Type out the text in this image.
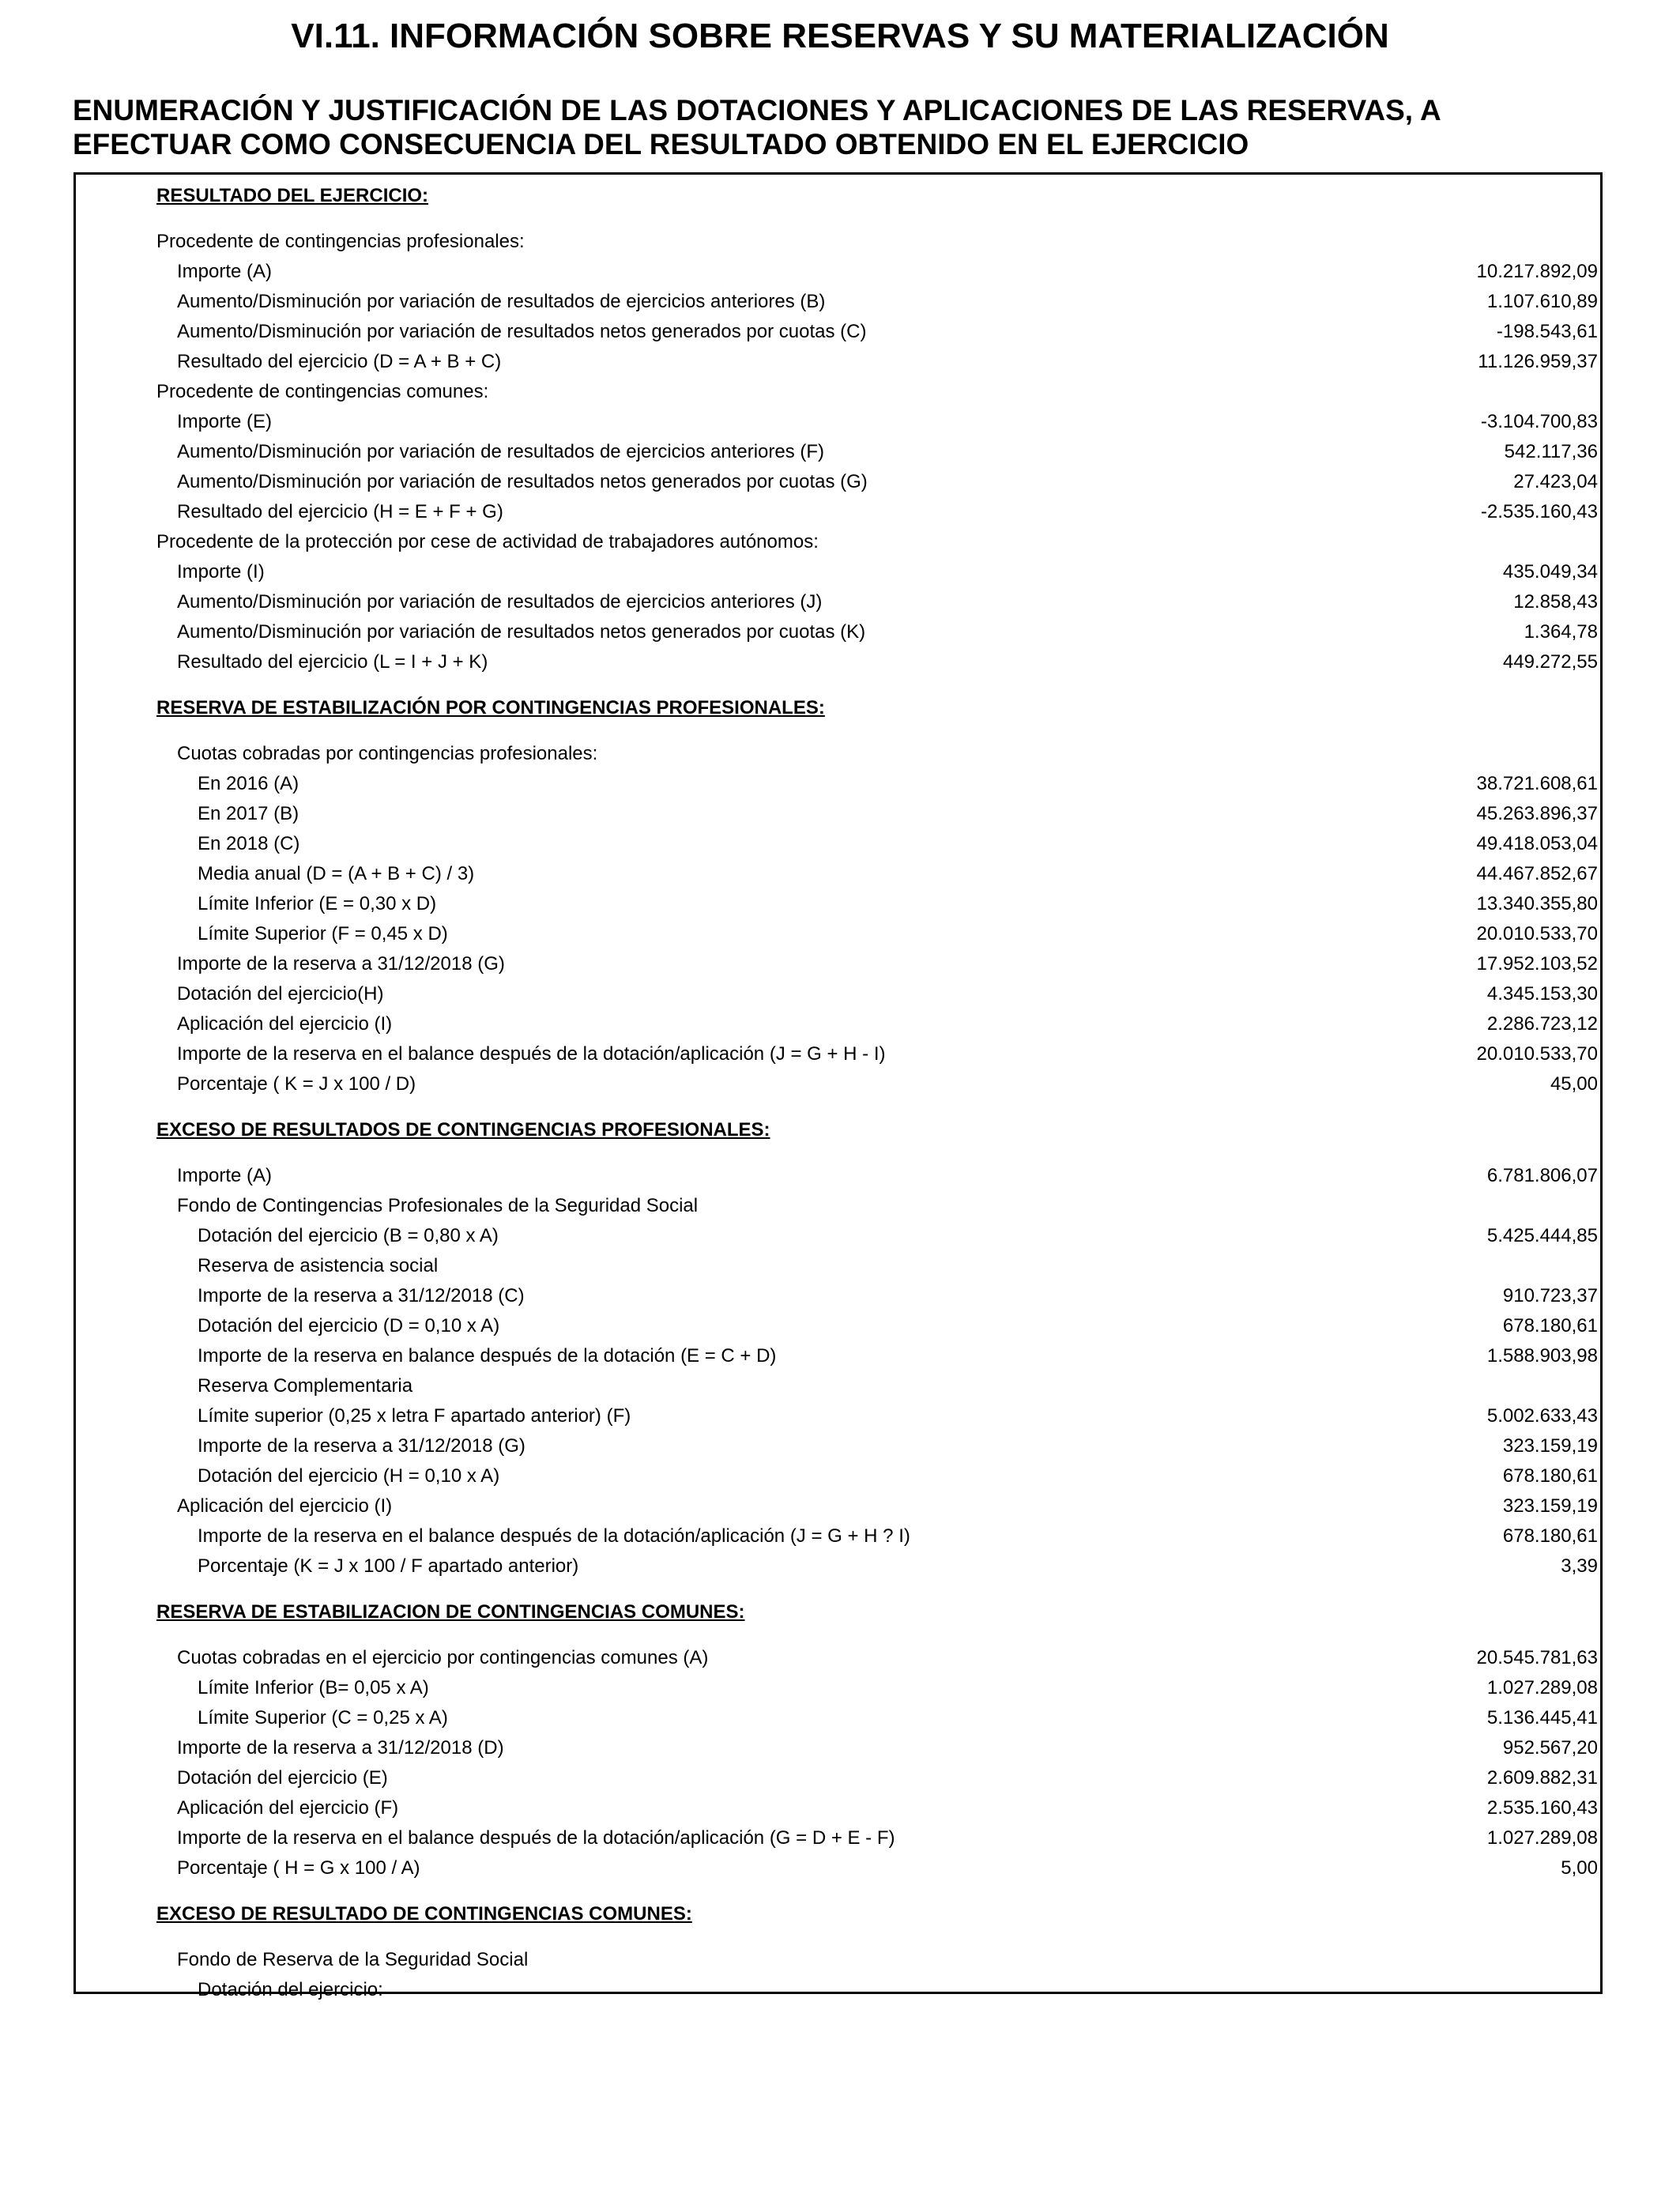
VI.11. INFORMACIÓN SOBRE RESERVAS Y SU MATERIALIZACIÓN
ENUMERACIÓN Y JUSTIFICACIÓN DE LAS DOTACIONES Y APLICACIONES DE LAS RESERVAS, A
EFECTUAR COMO CONSECUENCIA DEL RESULTADO OBTENIDO EN EL EJERCICIO
RESULTADO DEL EJERCICIO:
Procedente de contingencias profesionales:
Importe (A)	10.217.892,09
Aumento/Disminución por variación de resultados de ejercicios anteriores (B)	1.107.610,89
Aumento/Disminución por variación de resultados netos generados por cuotas (C)	-198.543,61
Resultado del ejercicio (D = A + B + C)	11.126.959,37
Procedente de contingencias comunes:
Importe (E)	-3.104.700,83
Aumento/Disminución por variación de resultados de ejercicios anteriores (F)	542.117,36
Aumento/Disminución por variación de resultados netos generados por cuotas (G)	27.423,04
Resultado del ejercicio (H = E + F + G)	-2.535.160,43
Procedente de la protección por cese de actividad de trabajadores autónomos:
Importe (I)	435.049,34
Aumento/Disminución por variación de resultados de ejercicios anteriores (J)	12.858,43
Aumento/Disminución por variación de resultados netos generados por cuotas (K)	1.364,78
Resultado del ejercicio (L = I + J + K)	449.272,55
RESERVA DE ESTABILIZACIÓN POR CONTINGENCIAS PROFESIONALES:
Cuotas cobradas por contingencias profesionales:
En 2016 (A)	38.721.608,61
En 2017 (B)	45.263.896,37
En 2018 (C)	49.418.053,04
Media anual (D = (A + B + C) / 3)	44.467.852,67
Límite Inferior (E = 0,30 x D)	13.340.355,80
Límite Superior (F = 0,45 x D)	20.010.533,70
Importe de la reserva a 31/12/2018 (G)	17.952.103,52
Dotación del ejercicio(H)	4.345.153,30
Aplicación del ejercicio (I)	2.286.723,12
Importe de la reserva en el balance después de la dotación/aplicación (J = G + H - I)	20.010.533,70
Porcentaje ( K = J x 100 / D)	45,00
EXCESO DE RESULTADOS DE CONTINGENCIAS PROFESIONALES:
Importe (A)	6.781.806,07
Fondo de Contingencias Profesionales de la Seguridad Social
Dotación del ejercicio (B = 0,80 x A)	5.425.444,85
Reserva de asistencia social
Importe de la reserva a 31/12/2018 (C)	910.723,37
Dotación del ejercicio (D = 0,10 x A)	678.180,61
Importe de la reserva en balance después de la dotación (E = C + D)	1.588.903,98
Reserva Complementaria
Límite superior (0,25 x letra F apartado anterior) (F)	5.002.633,43
Importe de la reserva a 31/12/2018 (G)	323.159,19
Dotación del ejercicio (H = 0,10 x A)	678.180,61
Aplicación del ejercicio (I)	323.159,19
Importe de la reserva en el balance después de la dotación/aplicación (J = G + H ? I)	678.180,61
Porcentaje (K = J x 100 / F apartado anterior)	3,39
RESERVA DE ESTABILIZACION DE CONTINGENCIAS COMUNES:
Cuotas cobradas en el ejercicio por contingencias comunes (A)	20.545.781,63
Límite Inferior (B= 0,05 x A)	1.027.289,08
Límite Superior (C = 0,25 x A)	5.136.445,41
Importe de la reserva a 31/12/2018 (D)	952.567,20
Dotación del ejercicio (E)	2.609.882,31
Aplicación del ejercicio (F)	2.535.160,43
Importe de la reserva en el balance después de la dotación/aplicación (G = D + E - F)	1.027.289,08
Porcentaje ( H = G x 100 / A)	5,00
EXCESO DE RESULTADO DE CONTINGENCIAS COMUNES:
Fondo de Reserva de la Seguridad Social
Dotación del ejercicio:
